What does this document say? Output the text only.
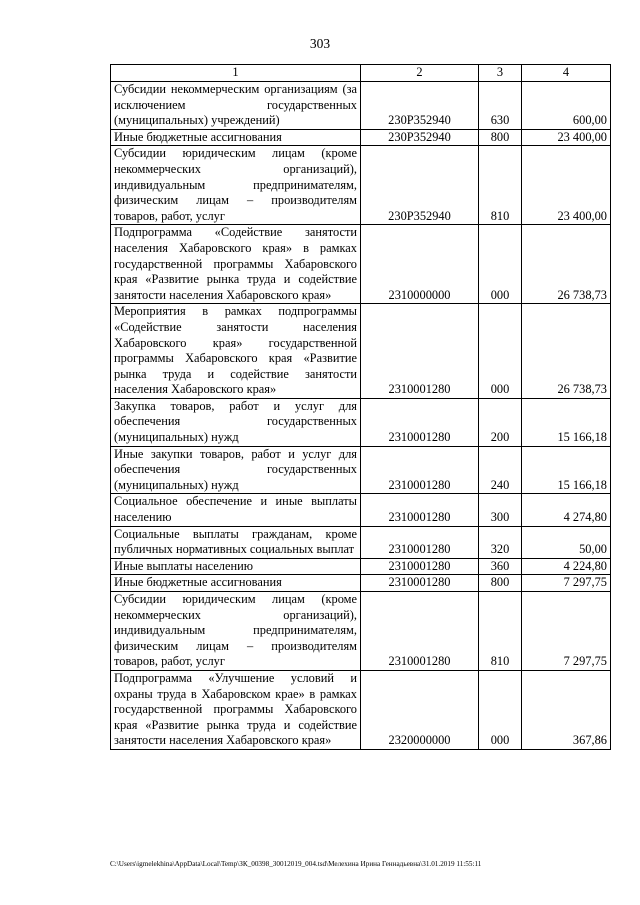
303
1	2	3	4
Субсидии некоммерческим организациям (за исключением государственных (муниципальных) учреждений)	230P352940	630	600,00
Иные бюджетные ассигнования	230P352940	800	23 400,00
Субсидии юридическим лицам (кроме некоммерческих организаций), индивидуальным предпринимателям, физическим лицам – производителям товаров, работ, услуг	230P352940	810	23 400,00
Подпрограмма «Содействие занятости населения Хабаровского края» в рамках государственной программы Хабаровского края «Развитие рынка труда и содействие занятости населения Хабаровского края»	2310000000	000	26 738,73
Мероприятия в рамках подпрограммы «Содействие занятости населения Хабаровского края» государственной программы Хабаровского края «Развитие рынка труда и содействие занятости населения Хабаровского края»	2310001280	000	26 738,73
Закупка товаров, работ и услуг для обеспечения государственных (муниципальных) нужд	2310001280	200	15 166,18
Иные закупки товаров, работ и услуг для обеспечения государственных (муниципальных) нужд	2310001280	240	15 166,18
Социальное обеспечение и иные выплаты населению	2310001280	300	4 274,80
Социальные выплаты гражданам, кроме публичных нормативных социальных выплат	2310001280	320	50,00
Иные выплаты населению	2310001280	360	4 224,80
Иные бюджетные ассигнования	2310001280	800	7 297,75
Субсидии юридическим лицам (кроме некоммерческих организаций), индивидуальным предпринимателям, физическим лицам – производителям товаров, работ, услуг	2310001280	810	7 297,75
Подпрограмма «Улучшение условий и охраны труда в Хабаровском крае» в рамках государственной программы Хабаровского края «Развитие рынка труда и содействие занятости населения Хабаровского края»	2320000000	000	367,86
C:\Users\igmelekhina\AppData\Local\Temp\ЗК_00398_30012019_004.tsd\Мелехина Ирина Геннадьевна\31.01.2019 11:55:11
